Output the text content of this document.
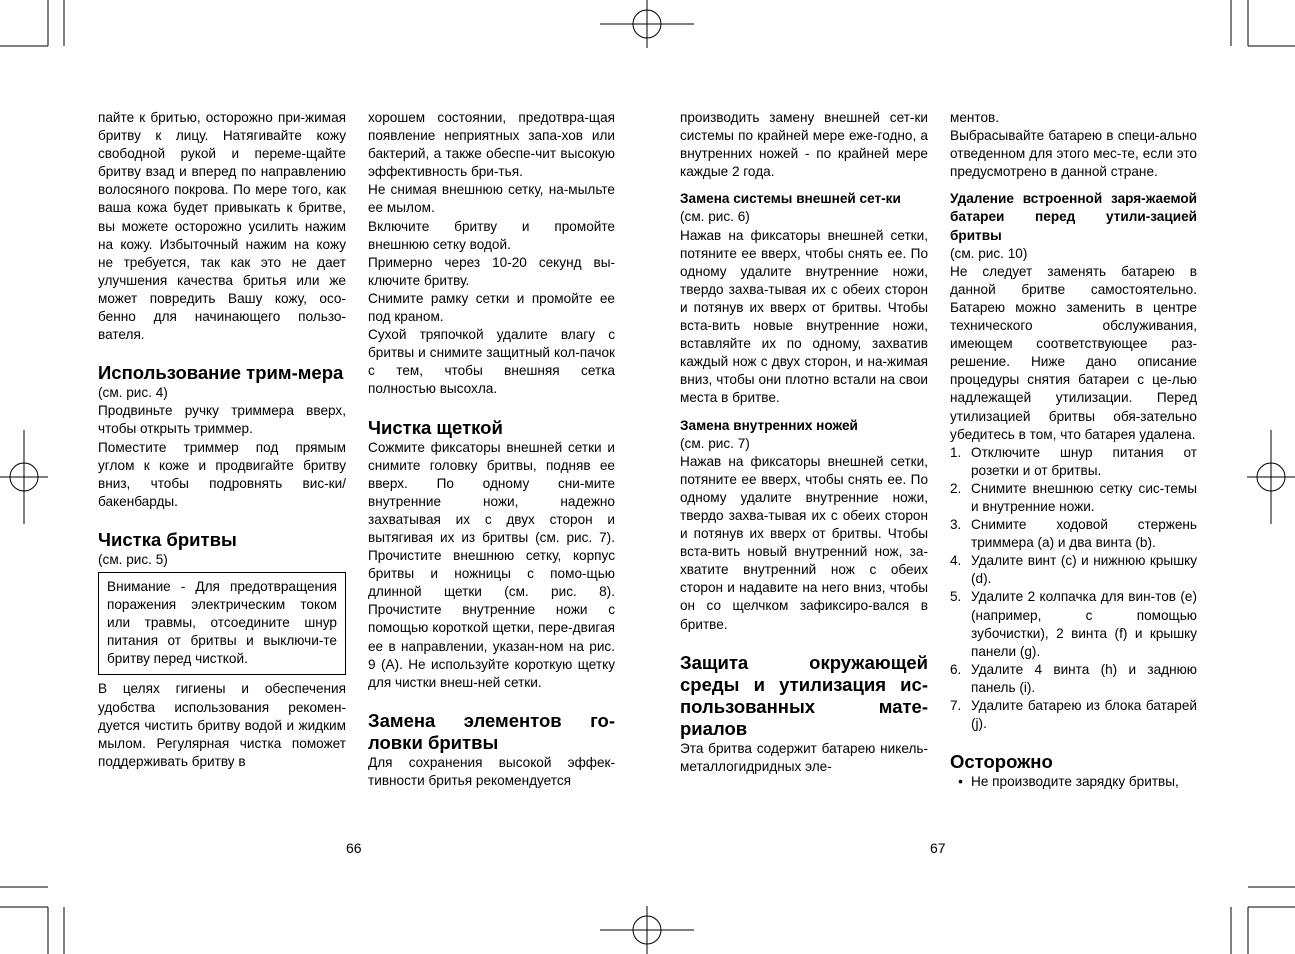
пайте к бритью, осторожно при-жимая бритву к лицу. Натягивайте кожу свободной рукой и переме-щайте бритву взад и вперед по направлению волосяного покрова. По мере того, как ваша кожа будет привыкать к бритве, вы можете осторожно усилить нажим на кожу. Избыточный нажим на кожу не требуется, так как это не дает улучшения качества бритья или же может повредить Вашу кожу, осо-бенно для начинающего пользо-вателя.

Использование трим-мера

(см. рис. 4)

Продвиньте ручку триммера вверх, чтобы открыть триммер.

Поместите триммер под прямым углом к коже и продвигайте бритву вниз, чтобы подровнять вис-ки/бакенбарды.

Чистка бритвы

(см. рис. 5)

Внимание - Для предотвращения поражения электрическим током или травмы, отсоедините шнур питания от бритвы и выключи-те бритву перед чисткой.

В целях гигиены и обеспечения удобства использования рекомен-дуется чистить бритву водой и жидким мылом. Регулярная чистка поможет поддерживать бритву в

хорошем состоянии, предотвра-щая появление неприятных запа-хов или бактерий, а также обеспе-чит высокую эффективность бри-тья.

Не снимая внешнюю сетку, на-мыльте ее мылом.

Включите бритву и промойте внешнюю сетку водой.

Примерно через 10-20 секунд вы-ключите бритву.

Снимите рамку сетки и промойте ее под краном.

Сухой тряпочкой удалите влагу с бритвы и снимите защитный кол-пачок с тем, чтобы внешняя сетка полностью высохла.

Чистка щеткой

Сожмите фиксаторы внешней сетки и снимите головку бритвы, подняв ее вверх. По одному сни-мите внутренние ножи, надежно захватывая их с двух сторон и вытягивая их из бритвы (см. рис. 7). Прочистите внешнюю сетку, корпус бритвы и ножницы с помо-щью длинной щетки (см. рис. 8). Прочистите внутренние ножи с помощью короткой щетки, пере-двигая ее в направлении, указан-ном на рис. 9 (A). Не используйте короткую щетку для чистки внеш-ней сетки.

Замена элементов го-ловки бритвы

Для сохранения высокой эффек-тивности бритья рекомендуется

производить замену внешней сет-ки системы по крайней мере еже-годно, а внутренних ножей - по крайней мере каждые 2 года.

Замена системы внешней сет-ки

(см. рис. 6)

Нажав на фиксаторы внешней сетки, потяните ее вверх, чтобы снять ее. По одному удалите внутренние ножи, твердо захва-тывая их с обеих сторон и потянув их вверх от бритвы. Чтобы вста-вить новые внутренние ножи, вставляйте их по одному, захватив каждый нож с двух сторон, и на-жимая вниз, чтобы они плотно встали на свои места в бритве.

Замена внутренних ножей

(см. рис. 7)

Нажав на фиксаторы внешней сетки, потяните ее вверх, чтобы снять ее. По одному удалите внутренние ножи, твердо захва-тывая их с обеих сторон и потянув их вверх от бритвы. Чтобы вста-вить новый внутренний нож, за-хватите внутренний нож с обеих сторон и надавите на него вниз, чтобы он со щелчком зафиксиро-вался в бритве.

Защита окружающей среды и утилизация ис-пользованных мате-риалов

Эта бритва содержит батарею никель-металлогидридных эле-

ментов.

Выбрасывайте батарею в специ-ально отведенном для этого мес-те, если это предусмотрено в данной стране.

Удаление встроенной заря-жаемой батареи перед утили-зацией бритвы

(см. рис. 10)

Не следует заменять батарею в данной бритве самостоятельно. Батарею можно заменить в центре технического обслуживания, имеющем соответствующее раз-решение. Ниже дано описание процедуры снятия батареи с це-лью надлежащей утилизации. Перед утилизацией бритвы обя-зательно убедитесь в том, что батарея удалена.

1. Отключите шнур питания от розетки и от бритвы.
2. Снимите внешнюю сетку сис-темы и внутренние ножи.
3. Снимите ходовой стержень триммера (a) и два винта (b).
4. Удалите винт (c) и нижнюю крышку (d).
5. Удалите 2 колпачка для вин-тов (e) (например, с помощью зубочистки), 2 винта (f) и крышку панели (g).
6. Удалите 4 винта (h) и заднюю панель (i).
7. Удалите батарею из блока батарей (j).

Осторожно

• Не производите зарядку бритвы,
66	67
